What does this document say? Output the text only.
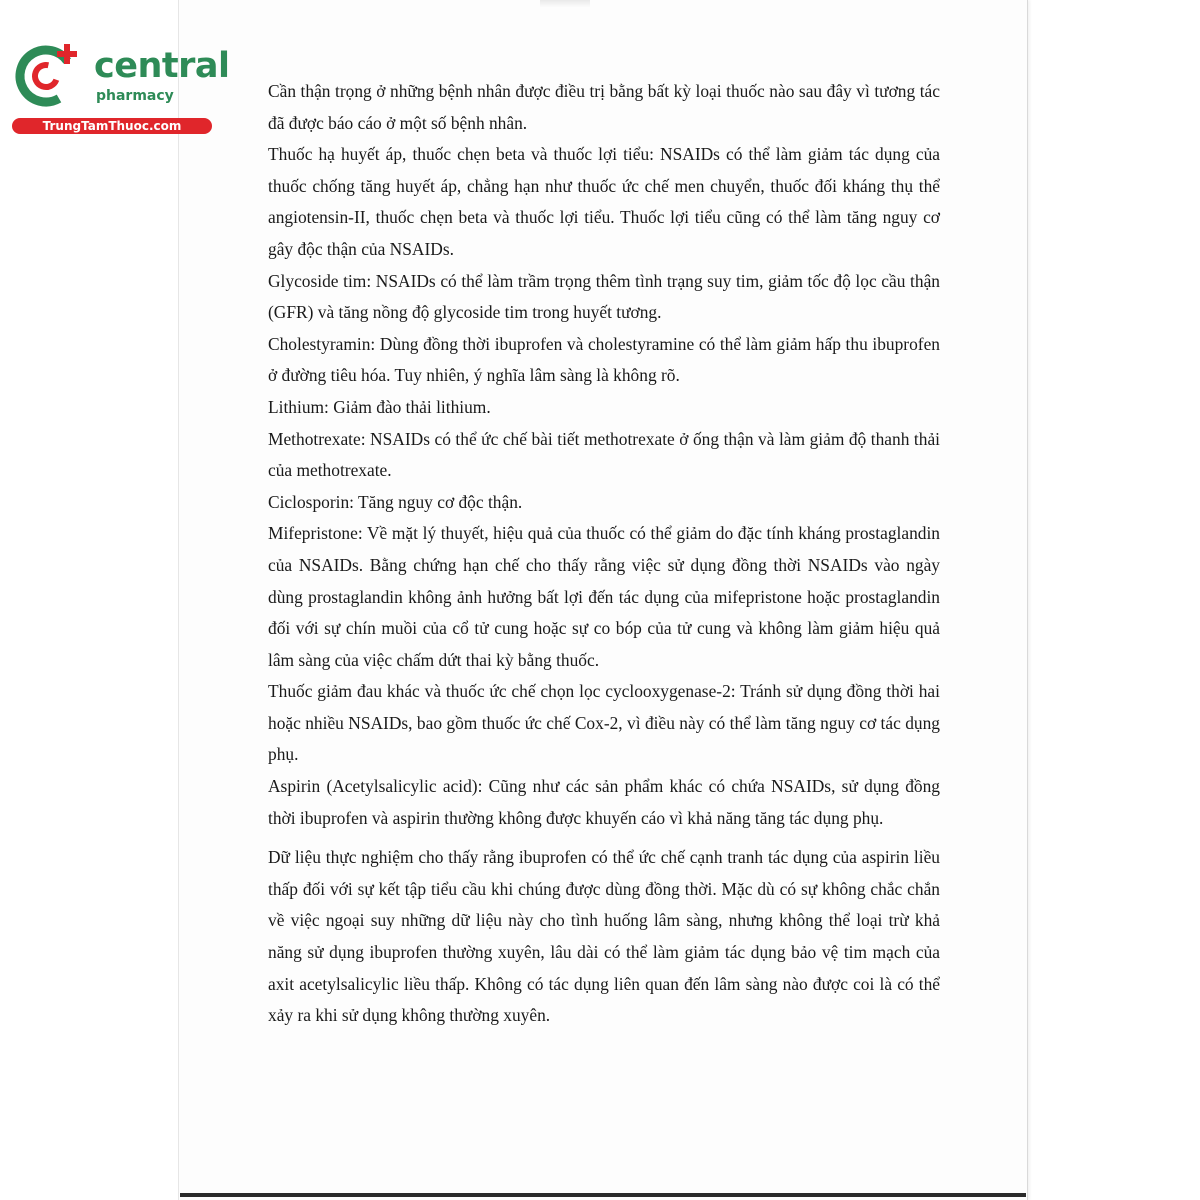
central
pharmacy
TrungTamThuoc.com

Cần thận trọng ở những bệnh nhân được điều trị bằng bất kỳ loại thuốc nào sau đây vì tương tác đã được báo cáo ở một số bệnh nhân.

Thuốc hạ huyết áp, thuốc chẹn beta và thuốc lợi tiểu: NSAIDs có thể làm giảm tác dụng của thuốc chống tăng huyết áp, chẳng hạn như thuốc ức chế men chuyển, thuốc đối kháng thụ thể angiotensin-II, thuốc chẹn beta và thuốc lợi tiểu. Thuốc lợi tiểu cũng có thể làm tăng nguy cơ gây độc thận của NSAIDs.

Glycoside tim: NSAIDs có thể làm trầm trọng thêm tình trạng suy tim, giảm tốc độ lọc cầu thận (GFR) và tăng nồng độ glycoside tim trong huyết tương.

Cholestyramin: Dùng đồng thời ibuprofen và cholestyramine có thể làm giảm hấp thu ibuprofen ở đường tiêu hóa. Tuy nhiên, ý nghĩa lâm sàng là không rõ.

Lithium: Giảm đào thải lithium.

Methotrexate: NSAIDs có thể ức chế bài tiết methotrexate ở ống thận và làm giảm độ thanh thải của methotrexate.

Ciclosporin: Tăng nguy cơ độc thận.

Mifepristone: Về mặt lý thuyết, hiệu quả của thuốc có thể giảm do đặc tính kháng prostaglandin của NSAIDs. Bằng chứng hạn chế cho thấy rằng việc sử dụng đồng thời NSAIDs vào ngày dùng prostaglandin không ảnh hưởng bất lợi đến tác dụng của mifepristone hoặc prostaglandin đối với sự chín muồi của cổ tử cung hoặc sự co bóp của tử cung và không làm giảm hiệu quả lâm sàng của việc chấm dứt thai kỳ bằng thuốc.

Thuốc giảm đau khác và thuốc ức chế chọn lọc cyclooxygenase-2: Tránh sử dụng đồng thời hai hoặc nhiều NSAIDs, bao gồm thuốc ức chế Cox-2, vì điều này có thể làm tăng nguy cơ tác dụng phụ.

Aspirin (Acetylsalicylic acid): Cũng như các sản phẩm khác có chứa NSAIDs, sử dụng đồng thời ibuprofen và aspirin thường không được khuyến cáo vì khả năng tăng tác dụng phụ.

Dữ liệu thực nghiệm cho thấy rằng ibuprofen có thể ức chế cạnh tranh tác dụng của aspirin liều thấp đối với sự kết tập tiểu cầu khi chúng được dùng đồng thời. Mặc dù có sự không chắc chắn về việc ngoại suy những dữ liệu này cho tình huống lâm sàng, nhưng không thể loại trừ khả năng sử dụng ibuprofen thường xuyên, lâu dài có thể làm giảm tác dụng bảo vệ tim mạch của axit acetylsalicylic liều thấp. Không có tác dụng liên quan đến lâm sàng nào được coi là có thể xảy ra khi sử dụng không thường xuyên.
